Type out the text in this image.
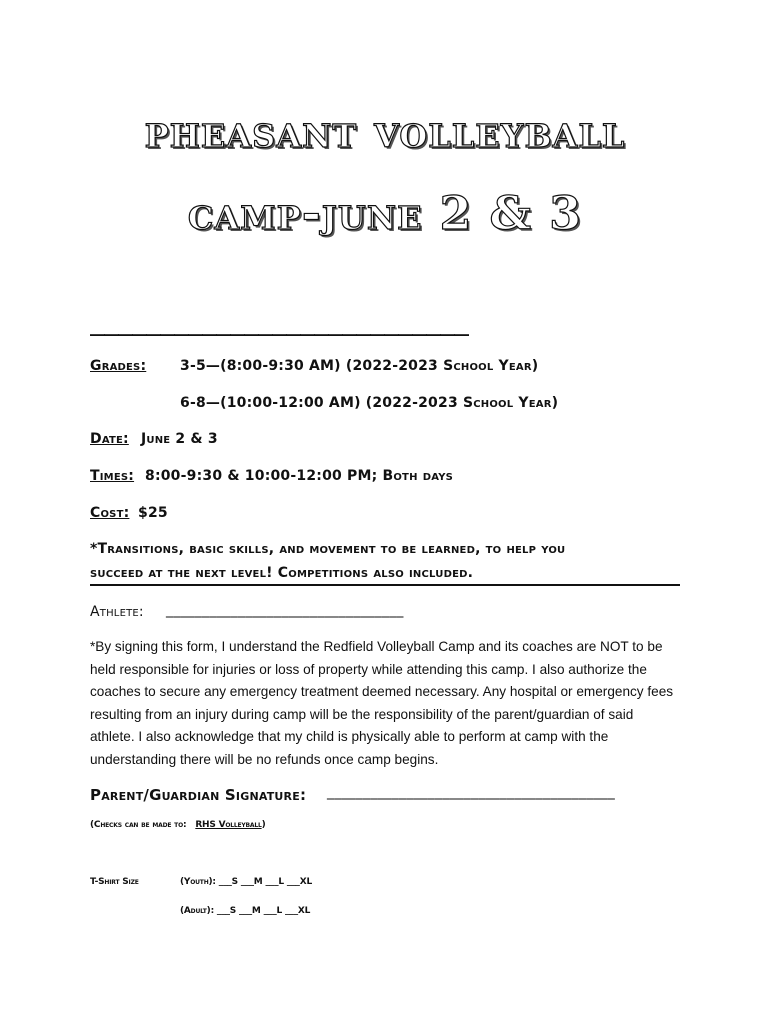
pheasant volleyball
camp-june 2 & 3
___________________________
Grades: 3-5—(8:00-9:30 AM) (2022-2023 School Year)
6-8—(10:00-12:00 AM) (2022-2023 School Year)
Date: June 2 & 3
Times: 8:00-9:30 & 10:00-12:00 PM; Both days
Cost: $25
*Transitions, basic skills, and movement to be learned, to help you
succeed at the next level! Competitions also included.
Athlete: _________________________________
*By signing this form, I understand the Redfield Volleyball Camp and its coaches are NOT to be held responsible for injuries or loss of property while attending this camp. I also authorize the coaches to secure any emergency treatment deemed necessary. Any hospital or emergency fees resulting from an injury during camp will be the responsibility of the parent/guardian of said athlete. I also acknowledge that my child is physically able to perform at camp with the understanding there will be no refunds once camp begins.
Parent/Guardian Signature: ________________________________________
(Checks can be made to: RHS Volleyball)
T-Shirt Size	(Youth): ___S ___M ___L ___XL
(Adult): ___S ___M ___L ___XL
